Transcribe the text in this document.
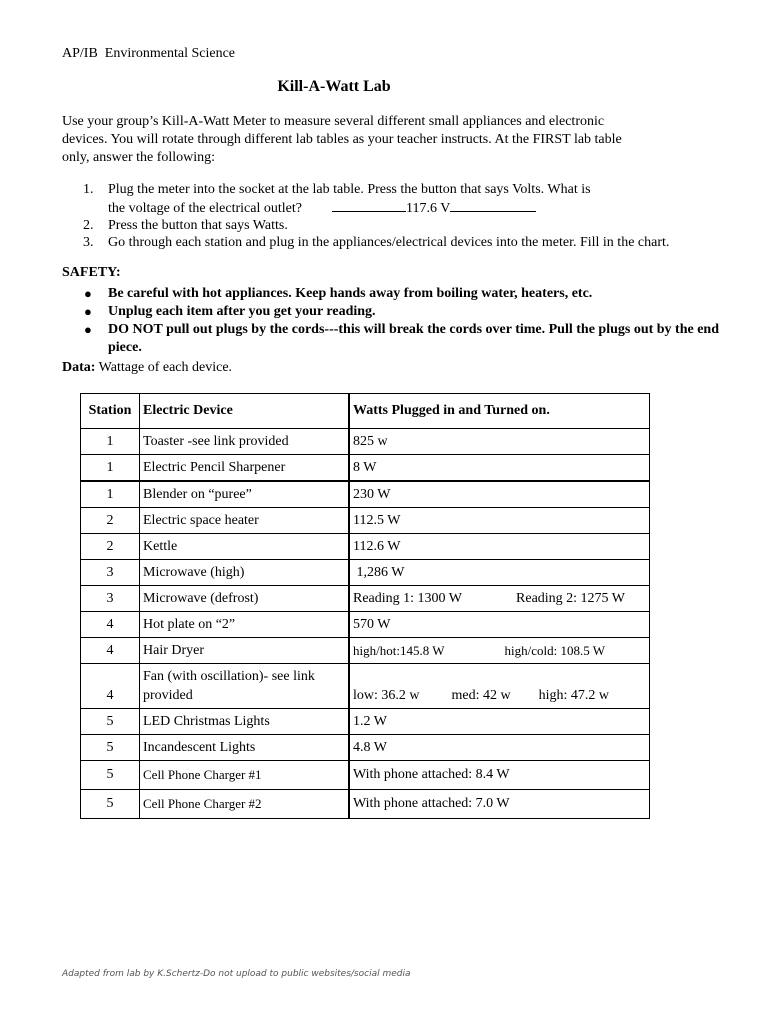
AP/IB  Environmental Science
Kill-A-Watt Lab

Use your group’s Kill-A-Watt Meter to measure several different small appliances and electronic devices. You will rotate through different lab tables as your teacher instructs. At the FIRST lab table only, answer the following:

1. Plug the meter into the socket at the lab table. Press the button that says Volts. What is
the voltage of the electrical outlet?	117.6 V
2. Press the button that says Watts.
3. Go through each station and plug in the appliances/electrical devices into the meter. Fill in the chart.
SAFETY:
● Be careful with hot appliances. Keep hands away from boiling water, heaters, etc.
● Unplug each item after you get your reading.
● DO NOT pull out plugs by the cords---this will break the cords over time. Pull the plugs out by the end piece.
Data: Wattage of each device.
Station	Electric Device	Watts Plugged in and Turned on.
1	Toaster -see link provided	825 w
1	Electric Pencil Sharpener	8 W
1	Blender on “puree”	230 W
2	Electric space heater	112.5 W
2	Kettle	112.6 W
3	Microwave (high)	1,286 W
3	Microwave (defrost)	Reading 1: 1300 W Reading 2: 1275 W
4	Hot plate on “2”	570 W
4	Hair Dryer	high/hot:145.8 W high/cold: 108.5 W
4	Fan (with oscillation)- see link provided	low: 36.2 w med: 42 w high: 47.2 w
5	LED Christmas Lights	1.2 W
5	Incandescent Lights	4.8 W
5	Cell Phone Charger #1	With phone attached: 8.4 W
5	Cell Phone Charger #2	With phone attached: 7.0 W
Adapted from lab by K.Schertz-Do not upload to public websites/social media
